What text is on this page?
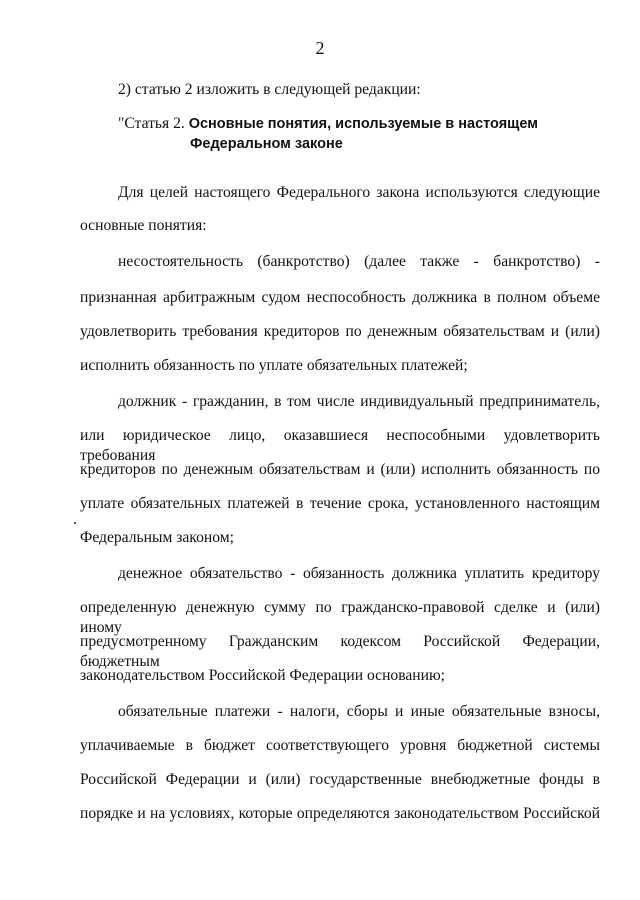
2
2) статью 2 изложить в следующей редакции:
"Статья 2. Основные понятия, используемые в настоящем
Федеральном законе
Для целей настоящего Федерального закона используются следующие
основные понятия:
несостоятельность (банкротство) (далее также - банкротство) -
признанная арбитражным судом неспособность должника в полном объеме
удовлетворить требования кредиторов по денежным обязательствам и (или)
исполнить обязанность по уплате обязательных платежей;
должник - гражданин, в том числе индивидуальный предприниматель,
или юридическое лицо, оказавшиеся неспособными удовлетворить требования
кредиторов по денежным обязательствам и (или) исполнить обязанность по
уплате обязательных платежей в течение срока, установленного настоящим
Федеральным законом;
денежное обязательство - обязанность должника уплатить кредитору
определенную денежную сумму по гражданско-правовой сделке и (или) иному
предусмотренному Гражданским кодексом Российской Федерации, бюджетным
законодательством Российской Федерации основанию;
обязательные платежи - налоги, сборы и иные обязательные взносы,
уплачиваемые в бюджет соответствующего уровня бюджетной системы
Российской Федерации и (или) государственные внебюджетные фонды в
порядке и на условиях, которые определяются законодательством Российской
